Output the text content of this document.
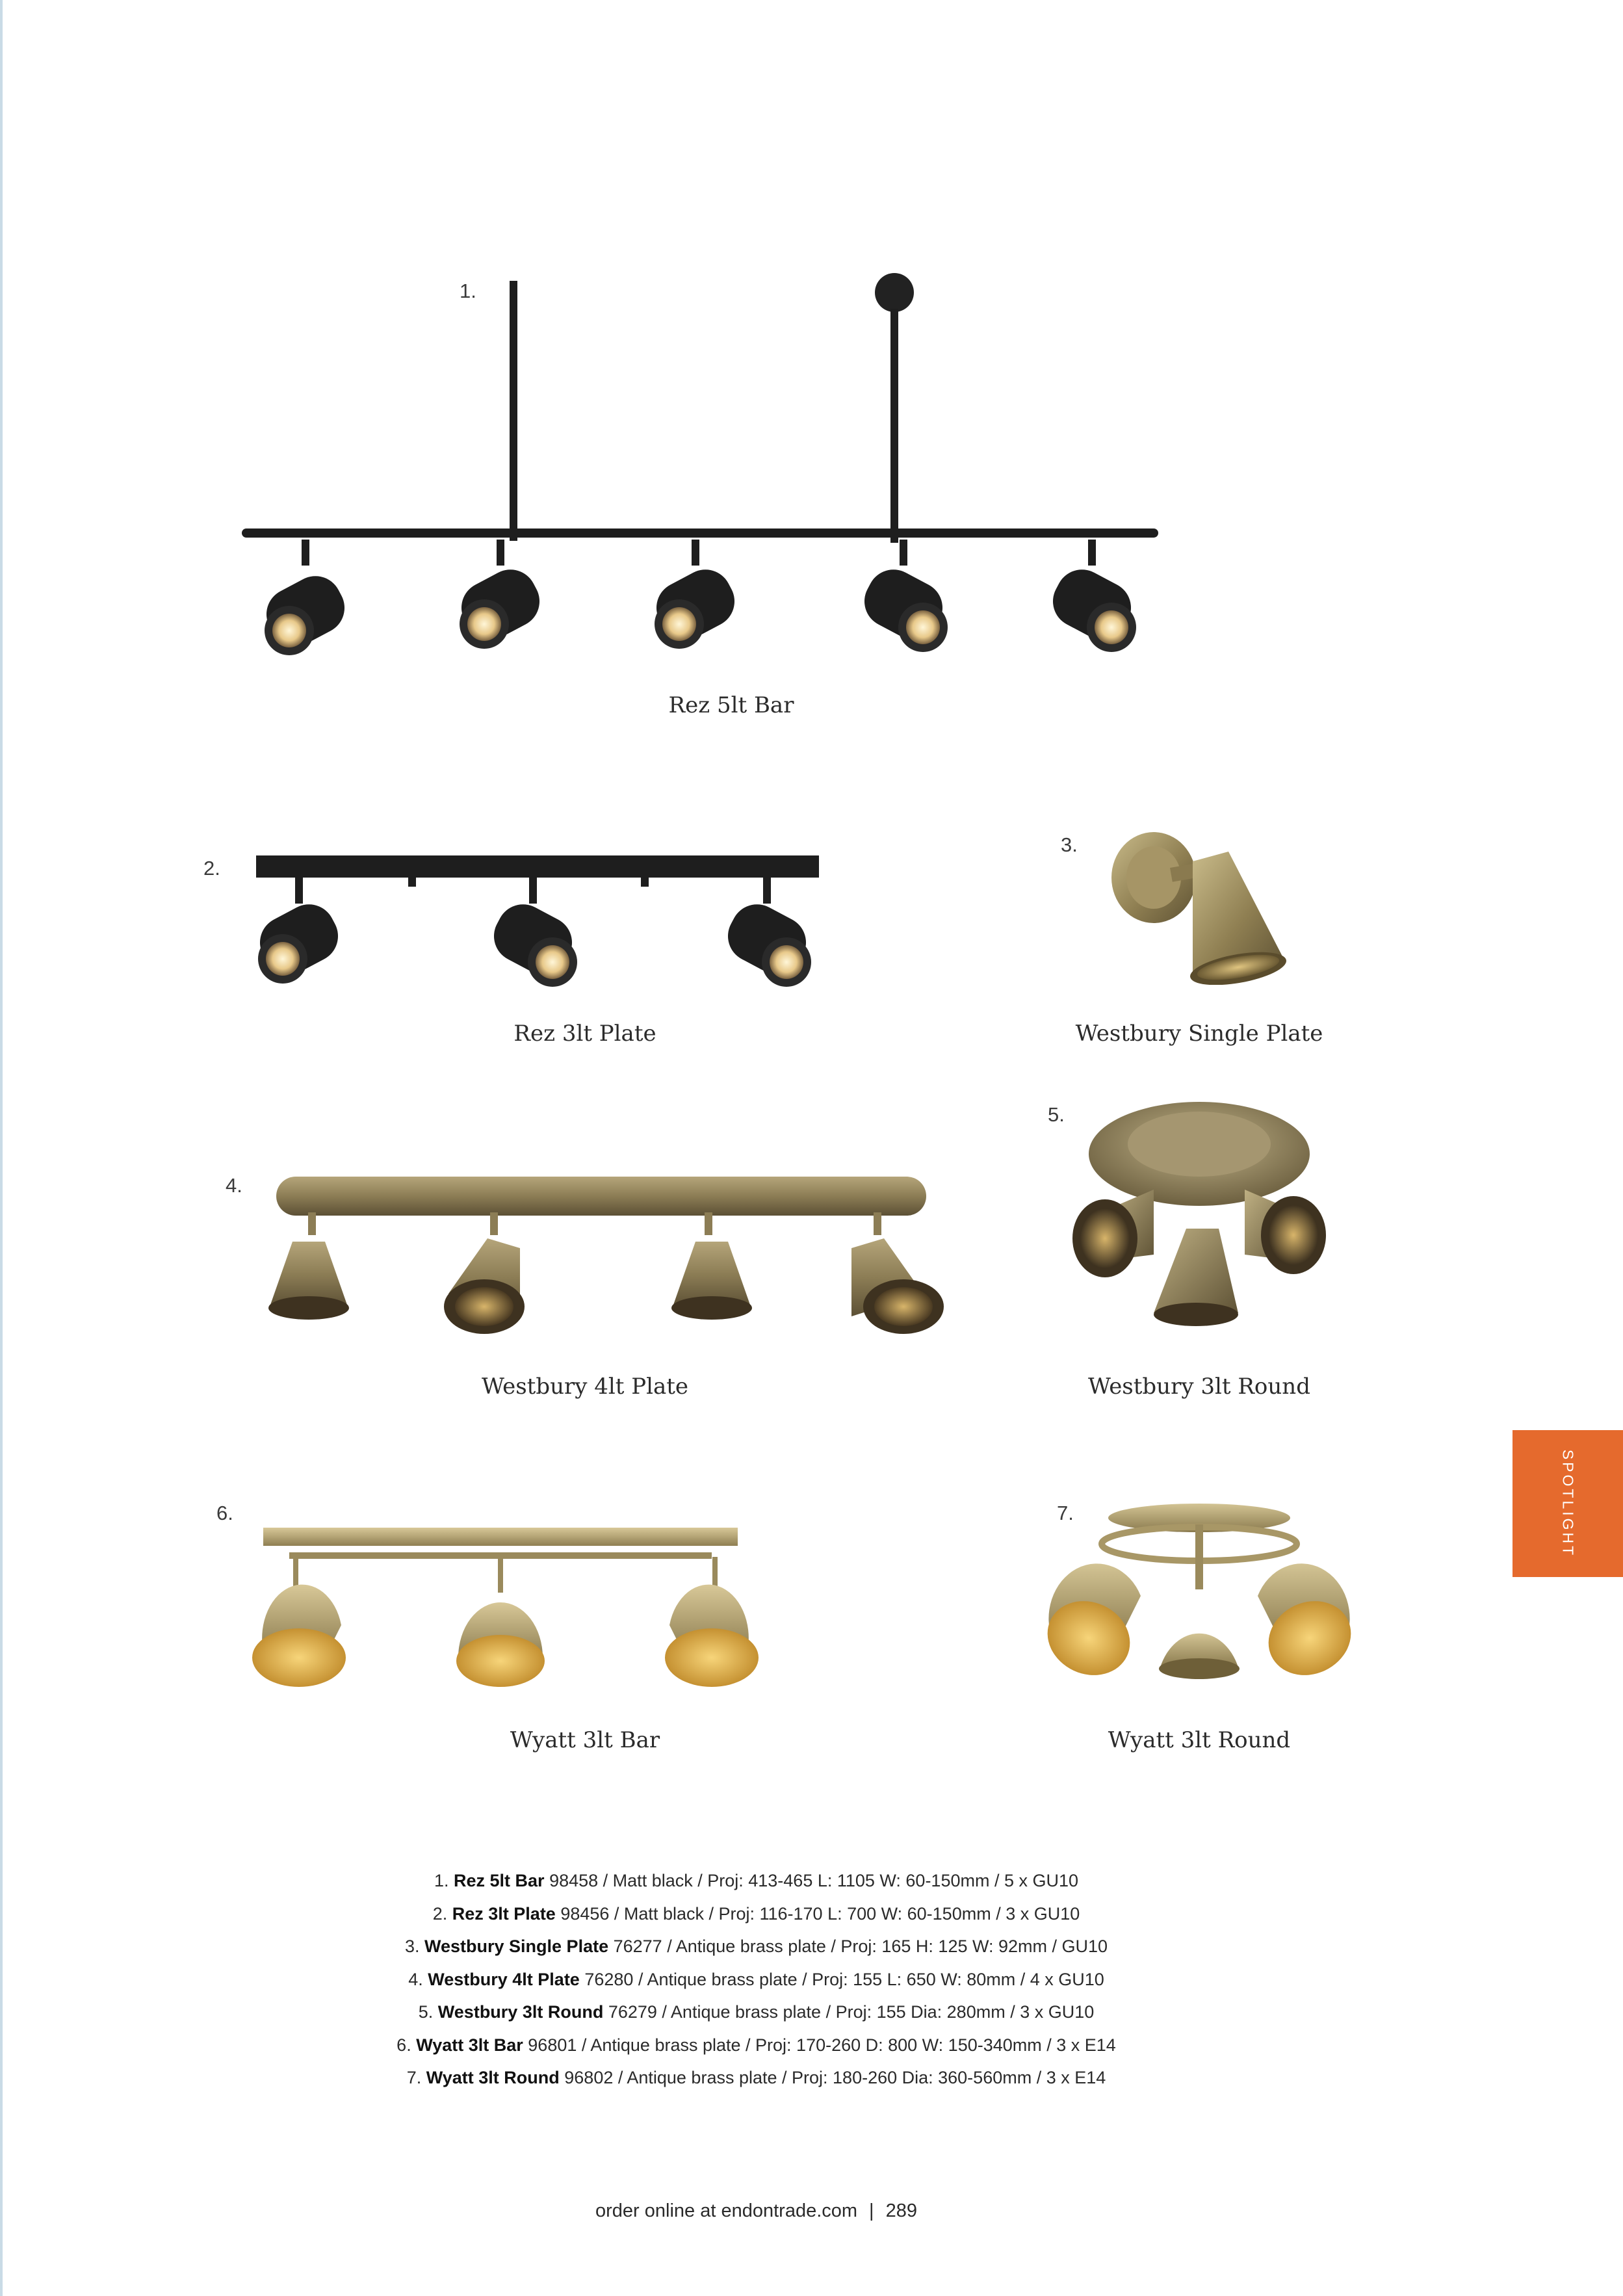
1.
Rez 5lt Bar
2.
Rez 3lt Plate
3.
Westbury Single Plate
4.
Westbury 4lt Plate
5.
Westbury 3lt Round
6.
Wyatt 3lt Bar
7.
Wyatt 3lt Round
SPOTLIGHT
1. Rez 5lt Bar 98458 / Matt black / Proj: 413-465 L: 1105 W: 60-150mm / 5 x GU10
2. Rez 3lt Plate 98456 / Matt black / Proj: 116-170 L: 700 W: 60-150mm / 3 x GU10
3. Westbury Single Plate 76277 / Antique brass plate / Proj: 165 H: 125 W: 92mm / GU10
4. Westbury 4lt Plate 76280 / Antique brass plate / Proj: 155 L: 650 W: 80mm / 4 x GU10
5. Westbury 3lt Round 76279 / Antique brass plate / Proj: 155 Dia: 280mm / 3 x GU10
6. Wyatt 3lt Bar 96801 / Antique brass plate / Proj: 170-260 D: 800 W: 150-340mm / 3 x E14
7. Wyatt 3lt Round 96802 / Antique brass plate / Proj: 180-260 Dia: 360-560mm / 3 x E14
order online at endontrade.com | 289
